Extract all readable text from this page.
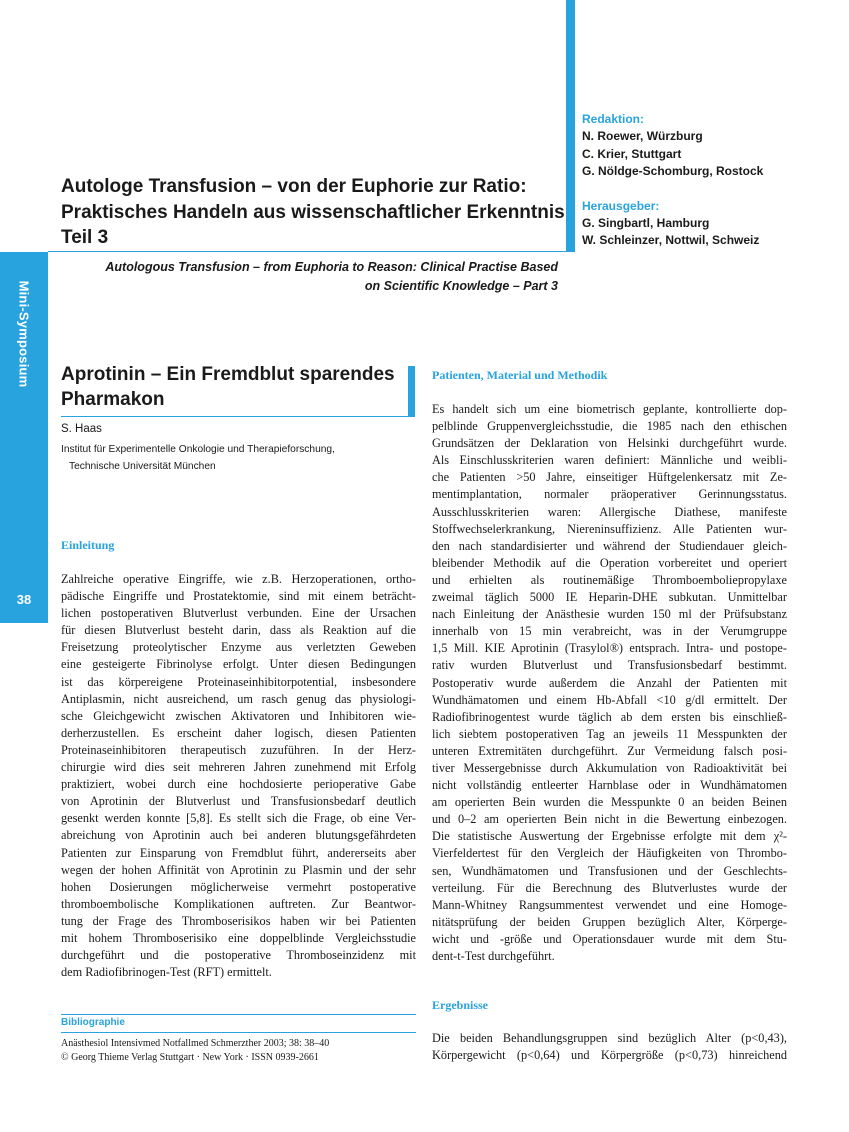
Mini-Symposium
38
Redaktion:
N. Roewer, Würzburg
C. Krier, Stuttgart
G. Nöldge-Schomburg, Rostock
Herausgeber:
G. Singbartl, Hamburg
W. Schleinzer, Nottwil, Schweiz
Autologe Transfusion – von der Euphorie zur Ratio:
Praktisches Handeln aus wissenschaftlicher Erkenntnis
Teil 3
Autologous Transfusion – from Euphoria to Reason: Clinical Practise Based
on Scientific Knowledge – Part 3
Aprotinin – Ein Fremdblut sparendes
Pharmakon
S. Haas
Institut für Experimentelle Onkologie und Therapieforschung,
Technische Universität München
Einleitung
Zahlreiche operative Eingriffe, wie z.B. Herzoperationen, ortho-
pädische Eingriffe und Prostatektomie, sind mit einem beträcht-
lichen postoperativen Blutverlust verbunden. Eine der Ursachen
für diesen Blutverlust besteht darin, dass als Reaktion auf die
Freisetzung proteolytischer Enzyme aus verletzten Geweben
eine gesteigerte Fibrinolyse erfolgt. Unter diesen Bedingungen
ist das körpereigene Proteinaseinhibitorpotential, insbesondere
Antiplasmin, nicht ausreichend, um rasch genug das physiologi-
sche Gleichgewicht zwischen Aktivatoren und Inhibitoren wie-
derherzustellen. Es erscheint daher logisch, diesen Patienten
Proteinaseinhibitoren therapeutisch zuzuführen. In der Herz-
chirurgie wird dies seit mehreren Jahren zunehmend mit Erfolg
praktiziert, wobei durch eine hochdosierte perioperative Gabe
von Aprotinin der Blutverlust und Transfusionsbedarf deutlich
gesenkt werden konnte [5,8]. Es stellt sich die Frage, ob eine Ver-
abreichung von Aprotinin auch bei anderen blutungsgefährdeten
Patienten zur Einsparung von Fremdblut führt, andererseits aber
wegen der hohen Affinität von Aprotinin zu Plasmin und der sehr
hohen Dosierungen möglicherweise vermehrt postoperative
thromboembolische Komplikationen auftreten. Zur Beantwor-
tung der Frage des Thromboserisikos haben wir bei Patienten
mit hohem Thromboserisiko eine doppelblinde Vergleichsstudie
durchgeführt und die postoperative Thromboseinzidenz mit
dem Radiofibrinogen-Test (RFT) ermittelt.
Patienten, Material und Methodik
Es handelt sich um eine biometrisch geplante, kontrollierte dop-
pelblinde Gruppenvergleichsstudie, die 1985 nach den ethischen
Grundsätzen der Deklaration von Helsinki durchgeführt wurde.
Als Einschlusskriterien waren definiert: Männliche und weibli-
che Patienten >50 Jahre, einseitiger Hüftgelenkersatz mit Ze-
mentimplantation, normaler präoperativer Gerinnungsstatus.
Ausschlusskriterien waren: Allergische Diathese, manifeste
Stoffwechselerkrankung, Niereninsuffizienz. Alle Patienten wur-
den nach standardisierter und während der Studiendauer gleich-
bleibender Methodik auf die Operation vorbereitet und operiert
und erhielten als routinemäßige Thromboemboliepropylaxe
zweimal täglich 5000 IE Heparin-DHE subkutan. Unmittelbar
nach Einleitung der Anästhesie wurden 150 ml der Prüfsubstanz
innerhalb von 15 min verabreicht, was in der Verumgruppe
1,5 Mill. KIE Aprotinin (Trasylol®) entsprach. Intra- und postope-
rativ wurden Blutverlust und Transfusionsbedarf bestimmt.
Postoperativ wurde außerdem die Anzahl der Patienten mit
Wundhämatomen und einem Hb-Abfall <10 g/dl ermittelt. Der
Radiofibrinogentest wurde täglich ab dem ersten bis einschließ-
lich siebtem postoperativen Tag an jeweils 11 Messpunkten der
unteren Extremitäten durchgeführt. Zur Vermeidung falsch posi-
tiver Messergebnisse durch Akkumulation von Radioaktivität bei
nicht vollständig entleerter Harnblase oder in Wundhämatomen
am operierten Bein wurden die Messpunkte 0 an beiden Beinen
und 0–2 am operierten Bein nicht in die Bewertung einbezogen.
Die statistische Auswertung der Ergebnisse erfolgte mit dem χ²-
Vierfeldertest für den Vergleich der Häufigkeiten von Thrombo-
sen, Wundhämatomen und Transfusionen und der Geschlechts-
verteilung. Für die Berechnung des Blutverlustes wurde der
Mann-Whitney Rangsummentest verwendet und eine Homoge-
nitätsprüfung der beiden Gruppen bezüglich Alter, Körperge-
wicht und -größe und Operationsdauer wurde mit dem Stu-
dent-t-Test durchgeführt.
Ergebnisse
Die beiden Behandlungsgruppen sind bezüglich Alter (p<0,43),
Körpergewicht (p<0,64) und Körpergröße (p<0,73) hinreichend
Bibliographie
Anästhesiol Intensivmed Notfallmed Schmerzther 2003; 38: 38–40
© Georg Thieme Verlag Stuttgart · New York · ISSN 0939-2661
